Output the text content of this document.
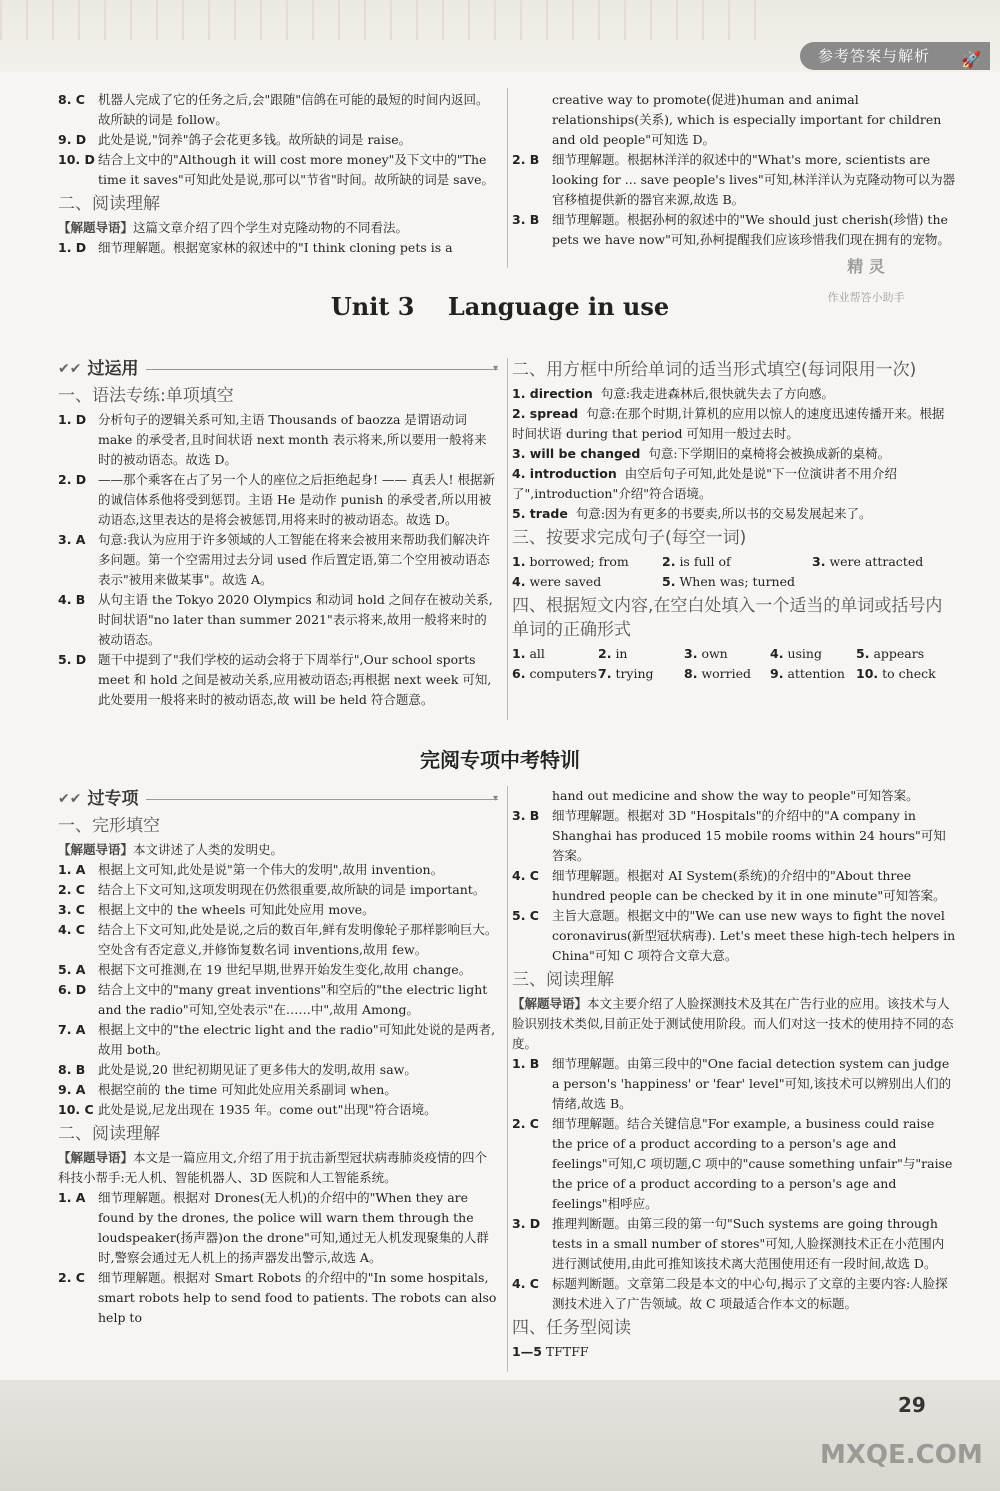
参考答案与解析 🚀
8. C 机器人完成了它的任务之后,会"跟随"信鸽在可能的最短的时间内返回。故所缺的词是 follow。
9. D 此处是说,"饲养"鸽子会花更多钱。故所缺的词是 raise。
10. D 结合上文中的"Although it will cost more money"及下文中的"The time it saves"可知此处是说,那可以"节省"时间。故所缺的词是 save。
二、阅读理解
【解题导语】这篇文章介绍了四个学生对克隆动物的不同看法。
1. D 细节理解题。根据宽家林的叙述中的"I think cloning pets is a
creative way to promote(促进)human and animal relationships(关系), which is especially important for children and old people"可知选 D。
2. B 细节理解题。根据林洋洋的叙述中的"What's more, scientists are looking for ... save people's lives"可知,林洋洋认为克隆动物可以为器官移植提供新的器官来源,故选 B。
3. B 细节理解题。根据孙柯的叙述中的"We should just cherish(珍惜) the pets we have now"可知,孙柯提醒我们应该珍惜我们现在拥有的宠物。
精 灵
作业帮答小助手
Unit 3    Language in use
✔✔ 过运用
▾
一、语法专练:单项填空
1. D 分析句子的逻辑关系可知,主语 Thousands of baozza 是谓语动词 make 的承受者,且时间状语 next month 表示将来,所以要用一般将来时的被动语态。故选 D。
2. D ——那个乘客在占了另一个人的座位之后拒绝起身! —— 真丢人! 根据新的诚信体系他将受到惩罚。主语 He 是动作 punish 的承受者,所以用被动语态,这里表达的是将会被惩罚,用将来时的被动语态。故选 D。
3. A 句意:我认为应用于许多领域的人工智能在将来会被用来帮助我们解决许多问题。第一个空需用过去分词 used 作后置定语,第二个空用被动语态表示"被用来做某事"。故选 A。
4. B 从句主语 the Tokyo 2020 Olympics 和动词 hold 之间存在被动关系,时间状语"no later than summer 2021"表示将来,故用一般将来时的被动语态。
5. D 题干中提到了"我们学校的运动会将于下周举行",Our school sports meet 和 hold 之间是被动关系,应用被动语态;再根据 next week 可知,此处要用一般将来时的被动语态,故 will be held 符合题意。
二、用方框中所给单词的适当形式填空(每词限用一次)
1. direction 句意:我走进森林后,很快就失去了方向感。
2. spread 句意:在那个时期,计算机的应用以惊人的速度迅速传播开来。根据时间状语 during that period 可知用一般过去时。
3. will be changed 句意:下学期旧的桌椅将会被换成新的桌椅。
4. introduction 由空后句子可知,此处是说"下一位演讲者不用介绍了",introduction"介绍"符合语境。
5. trade 句意:因为有更多的书要卖,所以书的交易发展起来了。
三、按要求完成句子(每空一词)
1. borrowed; from	2. is full of	3. were attracted
4. were saved	5. When was; turned
四、根据短文内容,在空白处填入一个适当的单词或括号内单词的正确形式
1. all	2. in	3. own	4. using	5. appears
6. computers 7. trying	8. worried	9. attention 10. to check
完阅专项中考特训
✔✔ 过专项
▾
一、完形填空
【解题导语】本文讲述了人类的发明史。
1. A 根据上文可知,此处是说"第一个伟大的发明",故用 invention。
2. C 结合上下文可知,这项发明现在仍然很重要,故所缺的词是 important。
3. C 根据上文中的 the wheels 可知此处应用 move。
4. C 结合上下文可知,此处是说,之后的数百年,鲜有发明像轮子那样影响巨大。空处含有否定意义,并修饰复数名词 inventions,故用 few。
5. A 根据下文可推测,在 19 世纪早期,世界开始发生变化,故用 change。
6. D 结合上文中的"many great inventions"和空后的"the electric light and the radio"可知,空处表示"在……中",故用 Among。
7. A 根据上文中的"the electric light and the radio"可知此处说的是两者,故用 both。
8. B 此处是说,20 世纪初期见证了更多伟大的发明,故用 saw。
9. A 根据空前的 the time 可知此处应用关系副词 when。
10. C 此处是说,尼龙出现在 1935 年。come out"出现"符合语境。
二、阅读理解
【解题导语】本文是一篇应用文,介绍了用于抗击新型冠状病毒肺炎疫情的四个科技小帮手:无人机、智能机器人、3D 医院和人工智能系统。
1. A 细节理解题。根据对 Drones(无人机)的介绍中的"When they are found by the drones, the police will warn them through the loudspeaker(扬声器)on the drone"可知,通过无人机发现聚集的人群时,警察会通过无人机上的扬声器发出警示,故选 A。
2. C 细节理解题。根据对 Smart Robots 的介绍中的"In some hospitals, smart robots help to send food to patients. The robots can also help to
hand out medicine and show the way to people"可知答案。
3. B 细节理解题。根据对 3D "Hospitals"的介绍中的"A company in Shanghai has produced 15 mobile rooms within 24 hours"可知答案。
4. C 细节理解题。根据对 AI System(系统)的介绍中的"About three hundred people can be checked by it in one minute"可知答案。
5. C 主旨大意题。根据文中的"We can use new ways to fight the novel coronavirus(新型冠状病毒). Let's meet these high-tech helpers in China"可知 C 项符合文章大意。
三、阅读理解
【解题导语】本文主要介绍了人脸探测技术及其在广告行业的应用。该技术与人脸识别技术类似,目前正处于测试使用阶段。而人们对这一技术的使用持不同的态度。
1. B 细节理解题。由第三段中的"One facial detection system can judge a person's 'happiness' or 'fear' level"可知,该技术可以辨别出人们的情绪,故选 B。
2. C 细节理解题。结合关键信息"For example, a business could raise the price of a product according to a person's age and feelings"可知,C 项切题,C 项中的"cause something unfair"与"raise the price of a product according to a person's age and feelings"相呼应。
3. D 推理判断题。由第三段的第一句"Such systems are going through tests in a small number of stores"可知,人脸探测技术正在小范围内进行测试使用,由此可推知该技术离大范围使用还有一段时间,故选 D。
4. C 标题判断题。文章第二段是本文的中心句,揭示了文章的主要内容:人脸探测技术进入了广告领域。故 C 项最适合作本文的标题。
四、任务型阅读
1—5 TFTFF
29
MXQE.COM
